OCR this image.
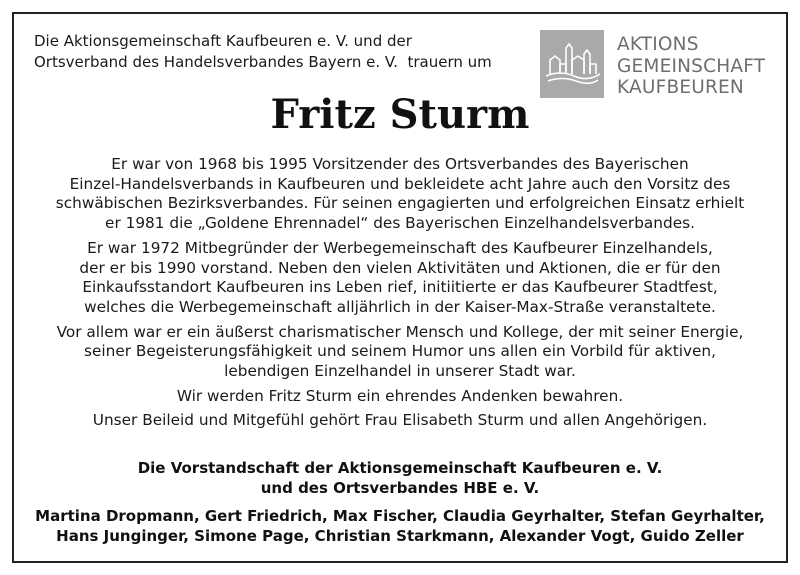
Die Aktionsgemeinschaft Kaufbeuren e. V. und der
Ortsverband des Handelsverbandes Bayern e. V.  trauern um
AKTIONS
GEMEINSCHAFT
KAUFBEUREN
Fritz Sturm

Er war von 1968 bis 1995 Vorsitzender des Ortsverbandes des Bayerischen
Einzel-Handelsverbands in Kaufbeuren und bekleidete acht Jahre auch den Vorsitz des
schwäbischen Bezirksverbandes. Für seinen engagierten und erfolgreichen Einsatz erhielt
er 1981 die „Goldene Ehrennadel“ des Bayerischen Einzelhandelsverbandes.

Er war 1972 Mitbegründer der Werbegemeinschaft des Kaufbeurer Einzelhandels,
der er bis 1990 vorstand. Neben den vielen Aktivitäten und Aktionen, die er für den
Einkaufsstandort Kaufbeuren ins Leben rief, initiitierte er das Kaufbeurer Stadtfest,
welches die Werbegemeinschaft alljährlich in der Kaiser-Max-Straße veranstaltete.

Vor allem war er ein äußerst charismatischer Mensch und Kollege, der mit seiner Energie,
seiner Begeisterungsfähigkeit und seinem Humor uns allen ein Vorbild für aktiven,
lebendigen Einzelhandel in unserer Stadt war.

Wir werden Fritz Sturm ein ehrendes Andenken bewahren.

Unser Beileid und Mitgefühl gehört Frau Elisabeth Sturm und allen Angehörigen.

Die Vorstandschaft der Aktionsgemeinschaft Kaufbeuren e. V.
und des Ortsverbandes HBE e. V.
Martina Dropmann, Gert Friedrich, Max Fischer, Claudia Geyrhalter, Stefan Geyrhalter,
Hans Junginger, Simone Page, Christian Starkmann, Alexander Vogt, Guido Zeller
